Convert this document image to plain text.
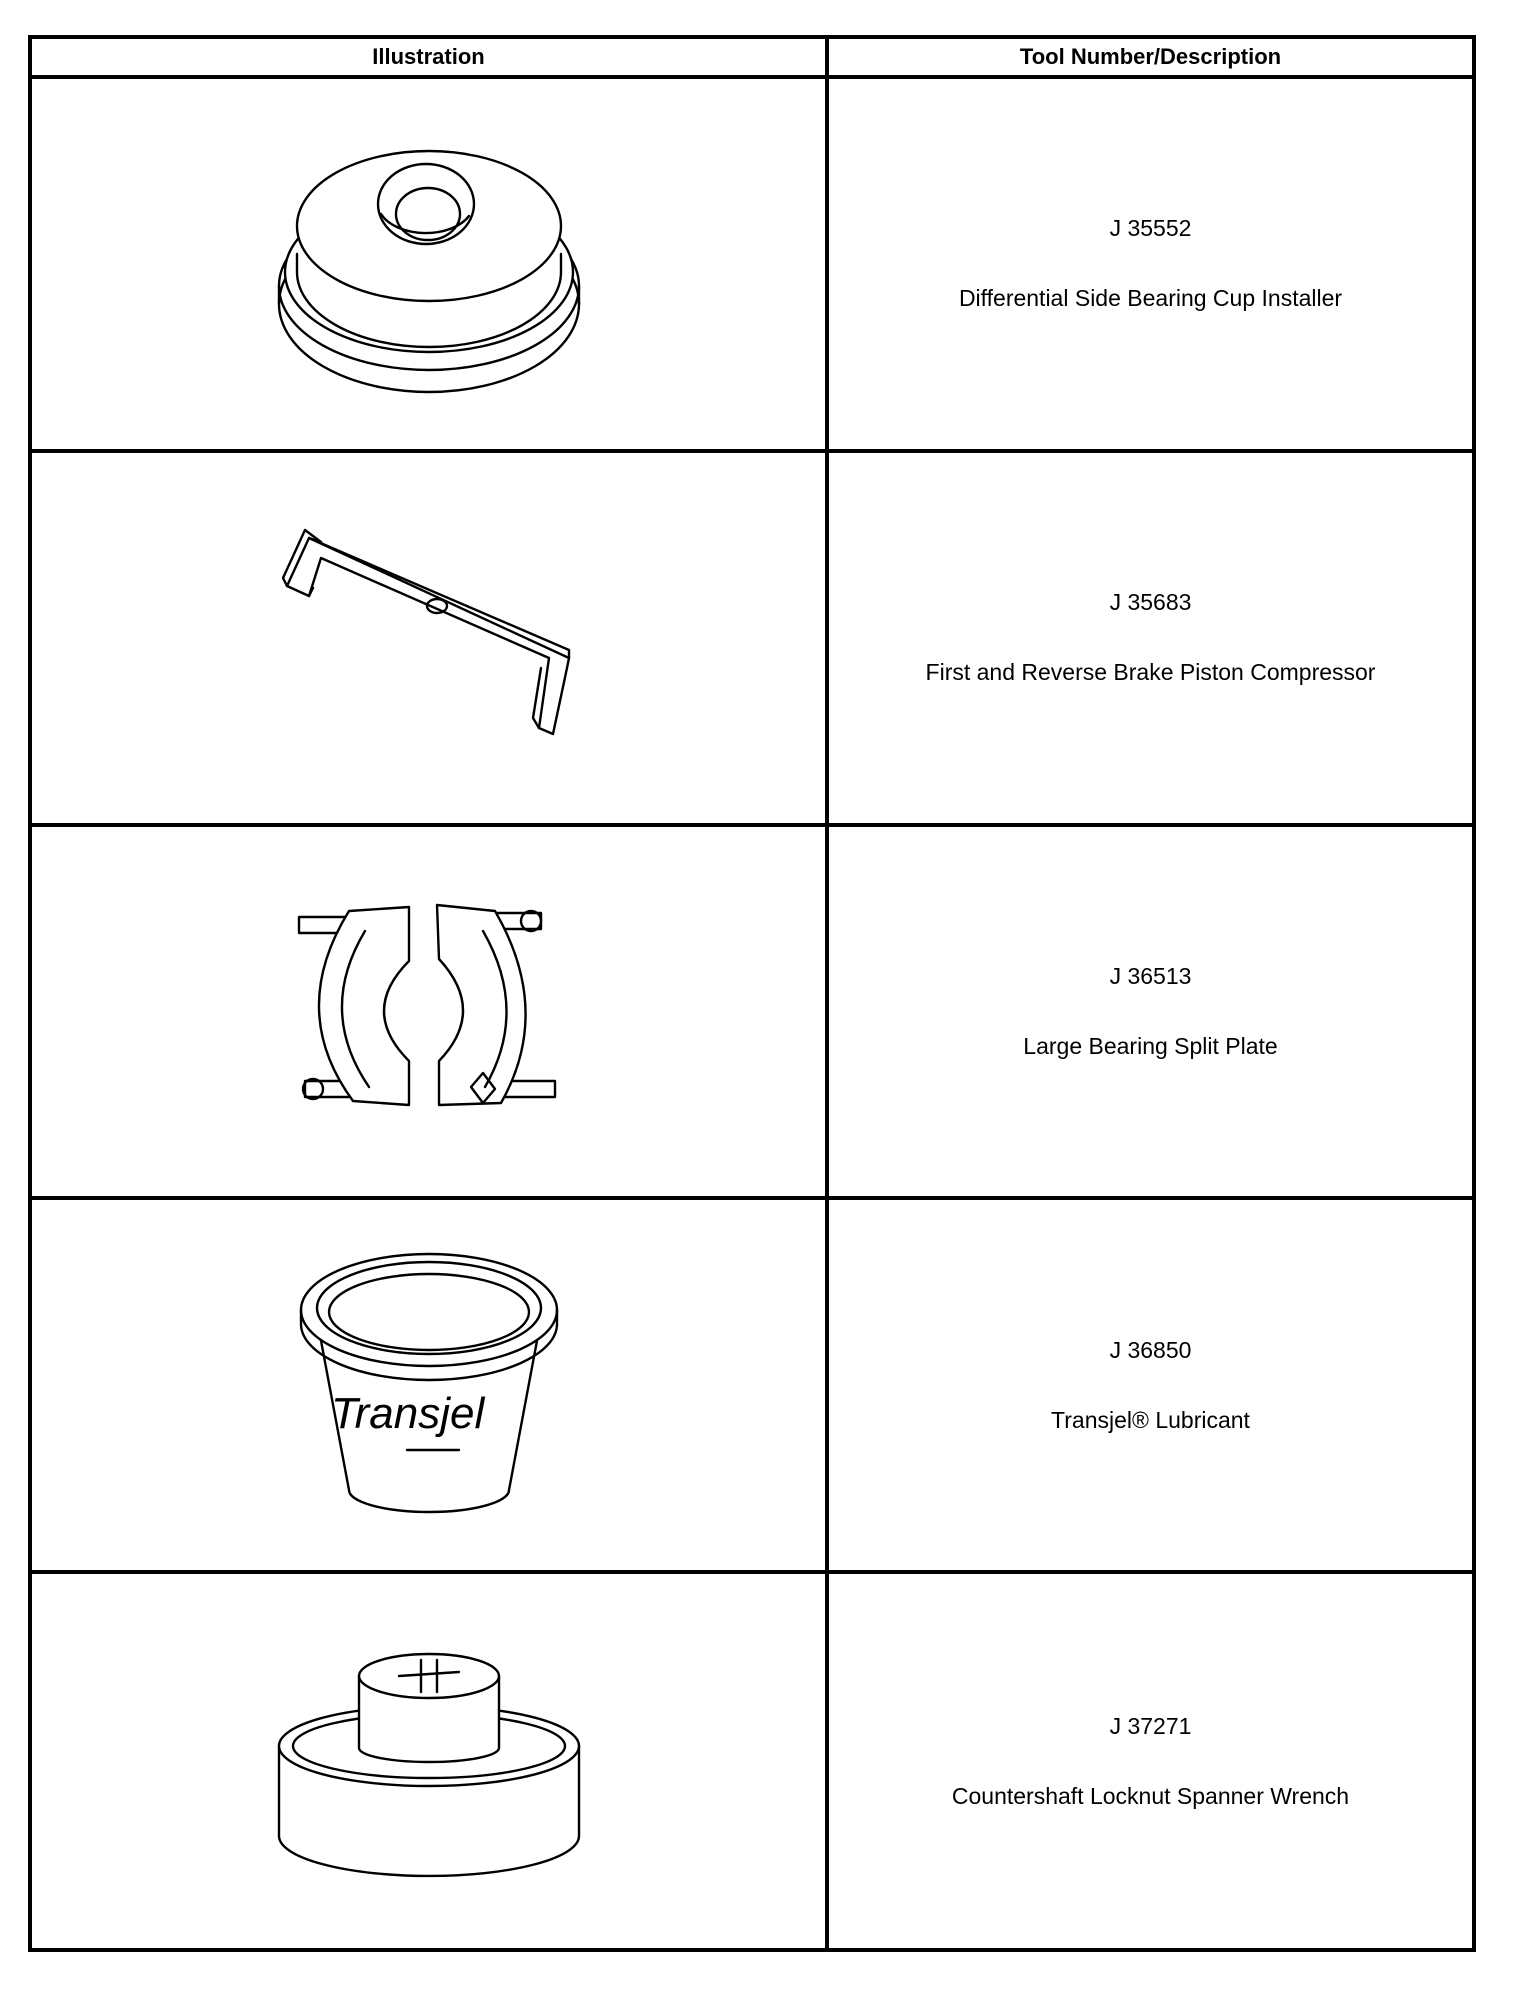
Illustration	Tool Number/Description
J 35552
Differential Side Bearing Cup Installer
J 35683
First and Reverse Brake Piston Compressor
J 36513
Large Bearing Split Plate
Transjel
J 36850
Transjel® Lubricant
J 37271
Countershaft Locknut Spanner Wrench
